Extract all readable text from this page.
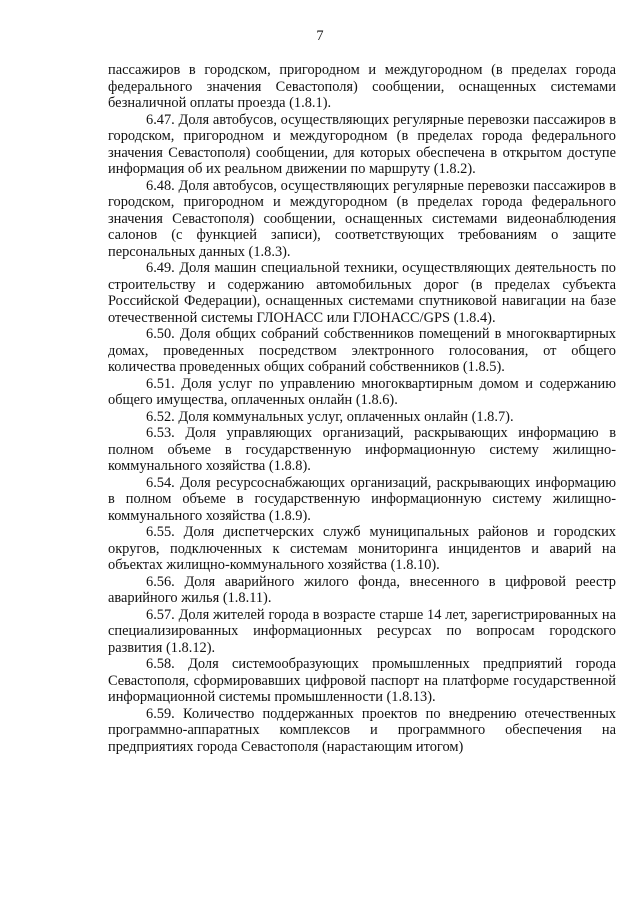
7

пассажиров в городском, пригородном и междугородном (в пределах города федерального значения Севастополя) сообщении, оснащенных системами безналичной оплаты проезда (1.8.1).

6.47. Доля автобусов, осуществляющих регулярные перевозки пассажиров в городском, пригородном и междугородном (в пределах города федерального значения Севастополя) сообщении, для которых обеспечена в открытом доступе информация об их реальном движении по маршруту (1.8.2).

6.48. Доля автобусов, осуществляющих регулярные перевозки пассажиров в городском, пригородном и междугородном (в пределах города федерального значения Севастополя) сообщении, оснащенных системами видеонаблюдения салонов (с функцией записи), соответствующих требованиям о защите персональных данных (1.8.3).

6.49. Доля машин специальной техники, осуществляющих деятельность по строительству и содержанию автомобильных дорог (в пределах субъекта Российской Федерации), оснащенных системами спутниковой навигации на базе отечественной системы ГЛОНАСС или ГЛОНАСС/GPS (1.8.4).

6.50. Доля общих собраний собственников помещений в многоквартирных домах, проведенных посредством электронного голосования, от общего количества проведенных общих собраний собственников (1.8.5).

6.51. Доля услуг по управлению многоквартирным домом и содержанию общего имущества, оплаченных онлайн (1.8.6).

6.52. Доля коммунальных услуг, оплаченных онлайн (1.8.7).

6.53. Доля управляющих организаций, раскрывающих информацию в полном объеме в государственную информационную систему жилищно-коммунального хозяйства (1.8.8).

6.54. Доля ресурсоснабжающих организаций, раскрывающих информацию в полном объеме в государственную информационную систему жилищно-коммунального хозяйства (1.8.9).

6.55. Доля диспетчерских служб муниципальных районов и городских округов, подключенных к системам мониторинга инцидентов и аварий на объектах жилищно-коммунального хозяйства (1.8.10).

6.56. Доля аварийного жилого фонда, внесенного в цифровой реестр аварийного жилья (1.8.11).

6.57. Доля жителей города в возрасте старше 14 лет, зарегистрированных на специализированных информационных ресурсах по вопросам городского развития (1.8.12).

6.58. Доля системообразующих промышленных предприятий города Севастополя, сформировавших цифровой паспорт на платформе государственной информационной системы промышленности (1.8.13).

6.59. Количество поддержанных проектов по внедрению отечественных программно-аппаратных комплексов и программного обеспечения на предприятиях города Севастополя (нарастающим итогом)
